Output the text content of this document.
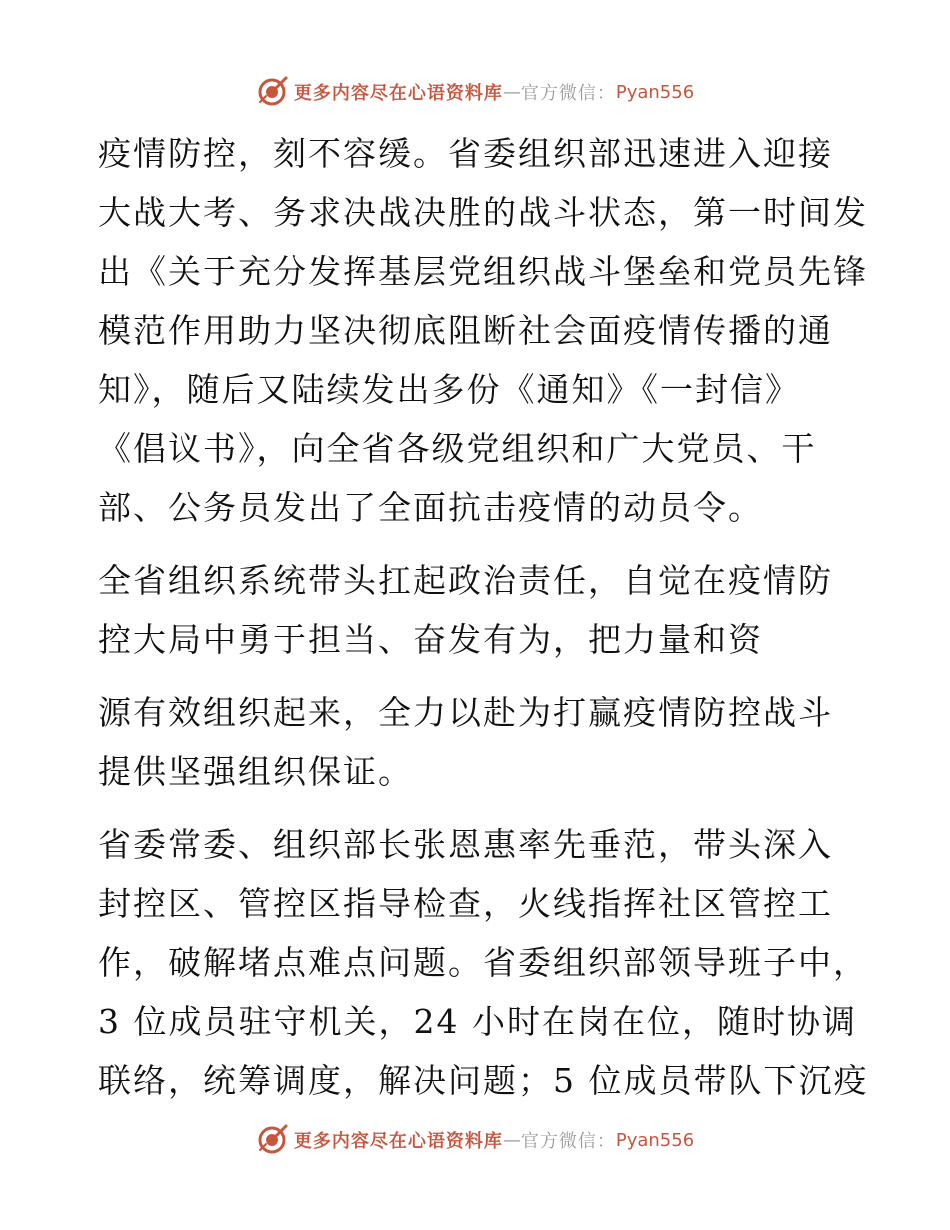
更多内容尽在心语资料库 — 官方微信： Pyan556
疫情防控，刻不容缓。省委组织部迅速进入迎接
大战大考、务求决战决胜的战斗状态，第一时间发
出《关于充分发挥基层党组织战斗堡垒和党员先锋
模范作用助力坚决彻底阻断社会面疫情传播的通
知》，随后又陆续发出多份《通知》《一封信》
《倡议书》，向全省各级党组织和广大党员、干
部、公务员发出了全面抗击疫情的动员令。
全省组织系统带头扛起政治责任，自觉在疫情防
控大局中勇于担当、奋发有为，把力量和资
源有效组织起来，全力以赴为打赢疫情防控战斗
提供坚强组织保证。
省委常委、组织部长张恩惠率先垂范，带头深入
封控区、管控区指导检查，火线指挥社区管控工
作，破解堵点难点问题。省委组织部领导班子中，
3 位成员驻守机关，24 小时在岗在位，随时协调
联络，统筹调度，解决问题；5 位成员带队下沉疫
更多内容尽在心语资料库 — 官方微信： Pyan556
